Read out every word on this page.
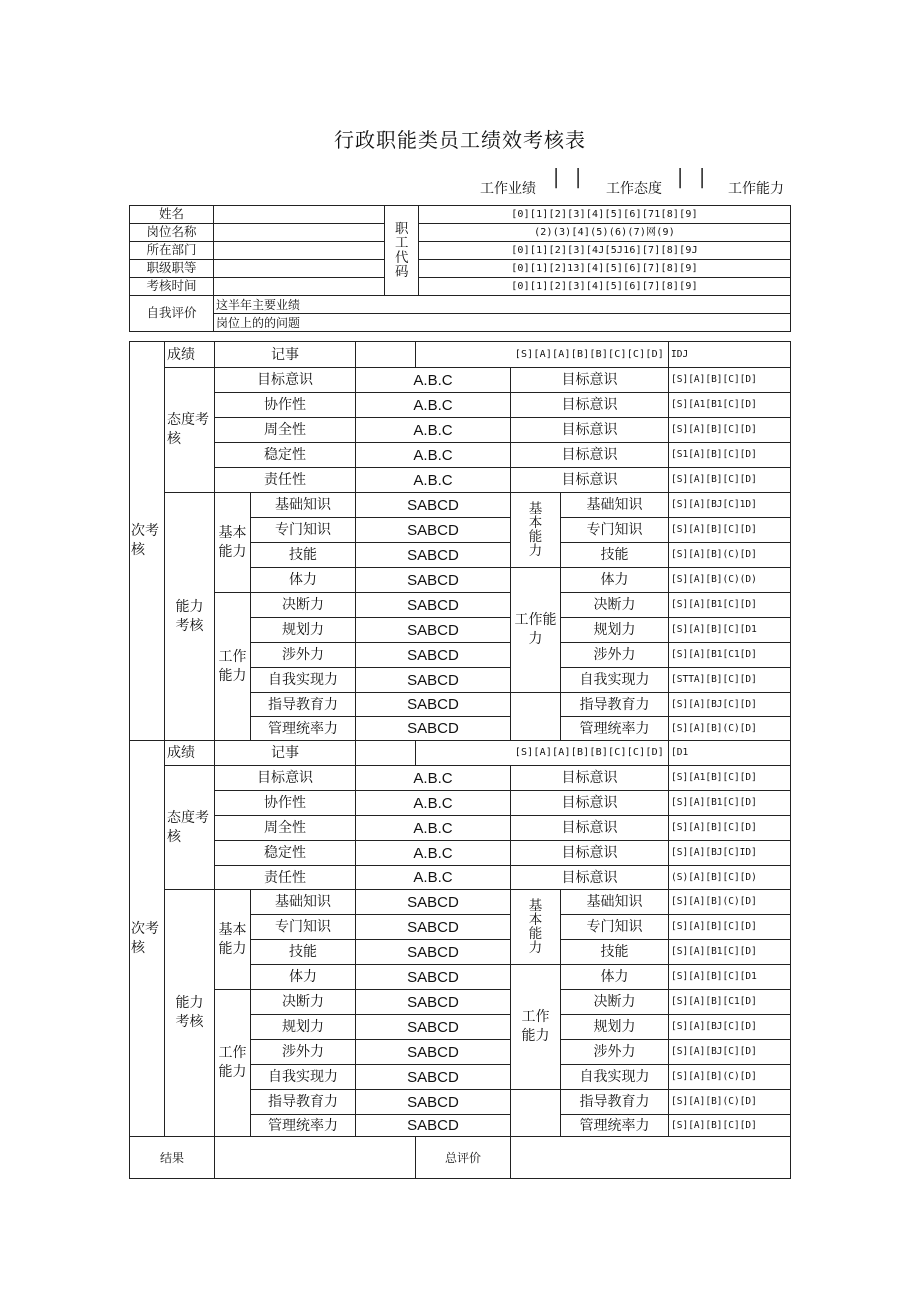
行政职能类员工绩效考核表
工作业绩 I I 工作态度 I I 工作能力
姓名		职工代码	[0][1][2][3][4][5][6][71[8][9]
岗位名称			(2)(3)[4](5)(6)(7)网(9)
所在部门			[0][1][2][3][4J[5J16][7][8][9J
职级职等			[0][1][2]13][4][5][6][7][8][9]
考核时间			[0][1][2][3][4][5][6][7][8][9]
自我评价	这半年主要业绩		
	岗位上的的问题		
次考核	成绩	记事			[S][A][A][B][B][C][C][D]			IDJ
	态度考核	目标意识		A.B.C		目标意识		[S][A][B][C][D]
		协作性		A.B.C		目标意识		[S][A1[B1[C][D]
		周全性		A.B.C		目标意识		[S][A][B][C][D]
		稳定性		A.B.C		目标意识		[S1[A][B][C][D]
		责任性		A.B.C		目标意识		[S][A][B][C][D]
	能力考核	基本能力	基础知识	SABCD		基本能力	基础知识	[S][A][BJ[C]1D]
			专门知识	SABCD			专门知识	[S][A][B][C][D]
			技能	SABCD			技能	[S][A][B](C)[D]
			体力	SABCD		工作能力	体力	[S][A][B](C)(D)
		工作能力	决断力	SABCD			决断力	[S][A][B1[C][D]
			规划力	SABCD			规划力	[S][A][B][C][D1
			涉外力	SABCD			涉外力	[S][A][B1[C1[D]
			自我实现力	SABCD			自我实现力	[STTA][B][C][D]
			指导教育力	SABCD			指导教育力	[S][A][BJ[C][D]
			管理统率力	SABCD			管理统率力	[S][A][B](C)[D]
次考核	成绩	记事			[S][A][A][B][B][C][C][D]			[D1
	态度考核	目标意识		A.B.C		目标意识		[S][A1[B][C][D]
		协作性		A.B.C		目标意识		[S][A][B1[C][D]
		周全性		A.B.C		目标意识		[S][A][B][C][D]
		稳定性		A.B.C		目标意识		[S][A][BJ[C]ID]
		责任性		A.B.C		目标意识		(S)[A][B][C][D)
	能力考核	基本能力	基础知识	SABCD		基本能力	基础知识	[S][A][B](C)[D]
			专门知识	SABCD			专门知识	[S][A][B][C][D]
			技能	SABCD			技能	[S][A][B1[C][D]
			体力	SABCD		工作能力	体力	[S][A][B][C][D1
		工作能力	决断力	SABCD			决断力	[S][A][B][C1[D]
			规划力	SABCD			规划力	[S][A][BJ[C][D]
			涉外力	SABCD			涉外力	[S][A][BJ[C][D]
			自我实现力	SABCD			自我实现力	[S][A][B](C)[D]
			指导教育力	SABCD			指导教育力	[S][A][B](C)[D]
			管理统率力	SABCD			管理统率力	[S][A][B][C][D]
结果					总评价			
